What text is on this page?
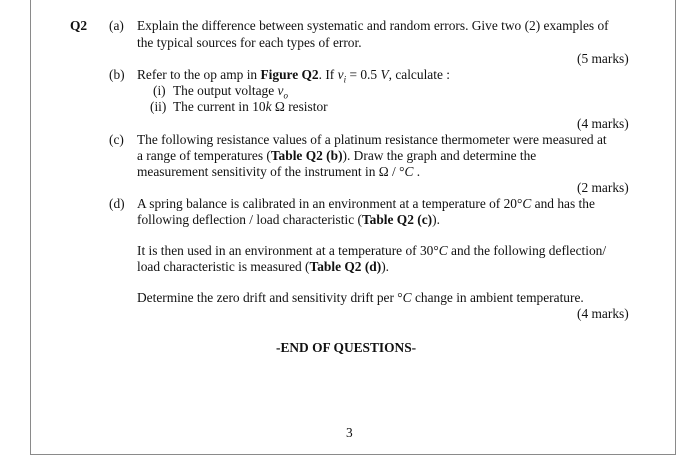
Q2 (a) Explain the difference between systematic and random errors. Give two (2) examples of
the typical sources for each types of error.
(5 marks)
(b) Refer to the op amp in Figure Q2. If $v_i = 0.5$ V, calculate :
(i) The output voltage $v_o$
(ii) The current in 10k Ω resistor
(4 marks)
(c) The following resistance values of a platinum resistance thermometer were measured at
a range of temperatures (Table Q2 (b)). Draw the graph and determine the
measurement sensitivity of the instrument in Ω / °C .
(2 marks)
(d) A spring balance is calibrated in an environment at a temperature of 20°C and has the
following deflection / load characteristic (Table Q2 (c)).
It is then used in an environment at a temperature of 30°C and the following deflection/
load characteristic is measured (Table Q2 (d)).
Determine the zero drift and sensitivity drift per °C change in ambient temperature.
(4 marks)
-END OF QUESTIONS-
3
